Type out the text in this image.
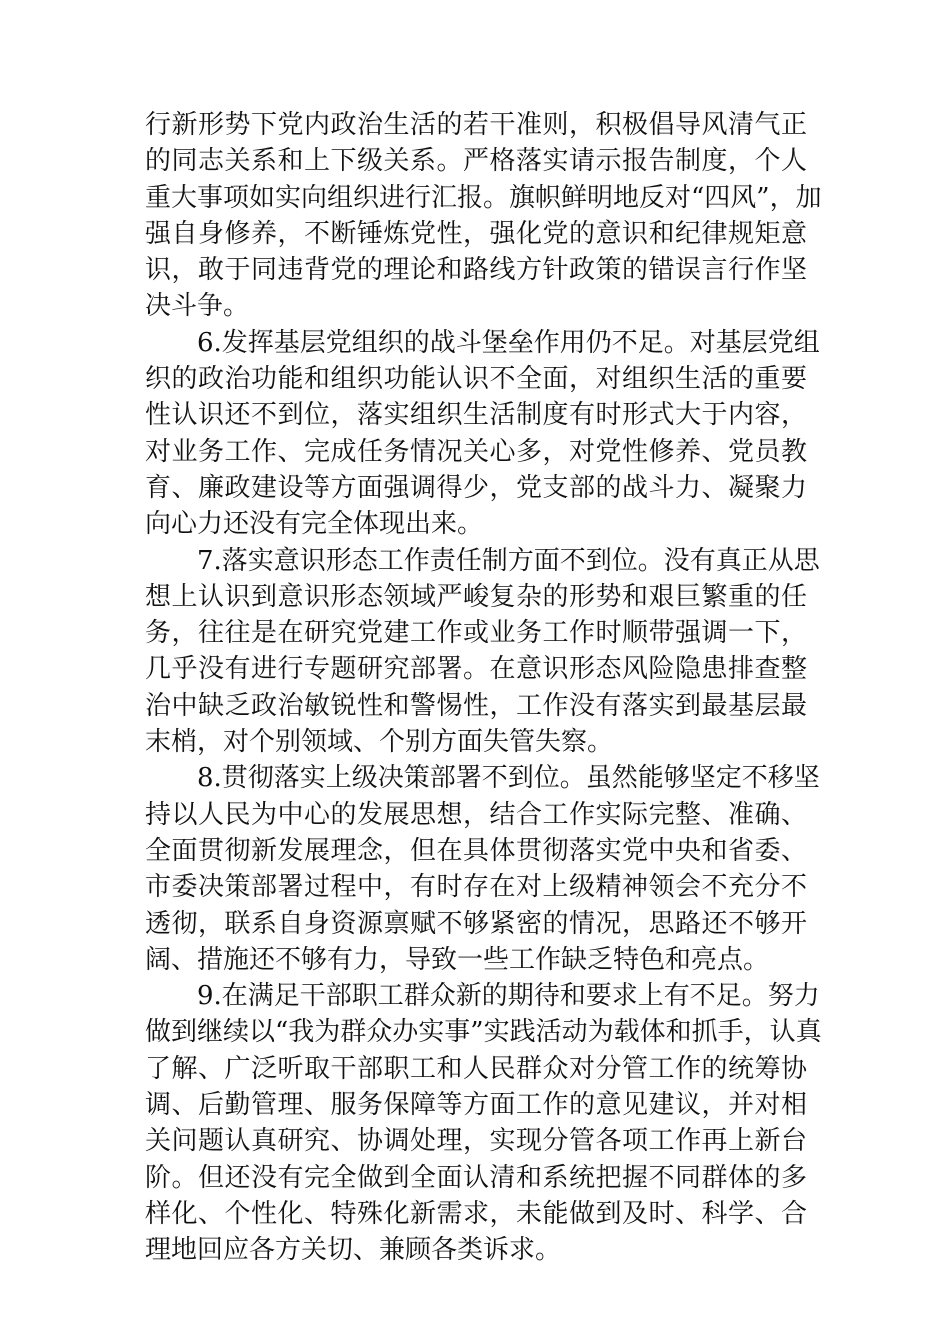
行新形势下党内政治生活的若干准则，积极倡导风清气正
的同志关系和上下级关系。严格落实请示报告制度，个人
重大事项如实向组织进行汇报。旗帜鲜明地反对“四风”，加
强自身修养，不断锤炼党性，强化党的意识和纪律规矩意
识，敢于同违背党的理论和路线方针政策的错误言行作坚
决斗争。
6.发挥基层党组织的战斗堡垒作用仍不足。对基层党组
织的政治功能和组织功能认识不全面，对组织生活的重要
性认识还不到位，落实组织生活制度有时形式大于内容，
对业务工作、完成任务情况关心多，对党性修养、党员教
育、廉政建设等方面强调得少，党支部的战斗力、凝聚力
向心力还没有完全体现出来。
7.落实意识形态工作责任制方面不到位。没有真正从思
想上认识到意识形态领域严峻复杂的形势和艰巨繁重的任
务，往往是在研究党建工作或业务工作时顺带强调一下，
几乎没有进行专题研究部署。在意识形态风险隐患排查整
治中缺乏政治敏锐性和警惕性，工作没有落实到最基层最
末梢，对个别领域、个别方面失管失察。
8.贯彻落实上级决策部署不到位。虽然能够坚定不移坚
持以人民为中心的发展思想，结合工作实际完整、准确、
全面贯彻新发展理念，但在具体贯彻落实党中央和省委、
市委决策部署过程中，有时存在对上级精神领会不充分不
透彻，联系自身资源禀赋不够紧密的情况，思路还不够开
阔、措施还不够有力，导致一些工作缺乏特色和亮点。
9.在满足干部职工群众新的期待和要求上有不足。努力
做到继续以“我为群众办实事”实践活动为载体和抓手，认真
了解、广泛听取干部职工和人民群众对分管工作的统筹协
调、后勤管理、服务保障等方面工作的意见建议，并对相
关问题认真研究、协调处理，实现分管各项工作再上新台
阶。但还没有完全做到全面认清和系统把握不同群体的多
样化、个性化、特殊化新需求，未能做到及时、科学、合
理地回应各方关切、兼顾各类诉求。
